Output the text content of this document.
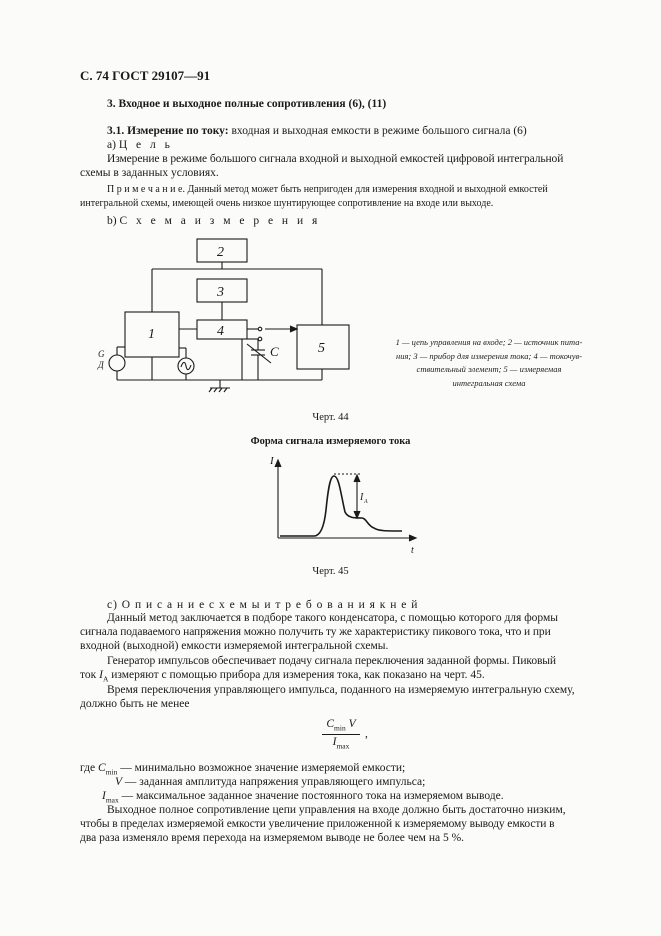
С. 74 ГОСТ 29107—91
3. Входное и выходное полные сопротивления (6), (11)
3.1. Измерение по току: входная и выходная емкости в режиме большого сигнала (6)
а) Ц е л ь
Измерение в режиме большого сигнала входной и выходной емкостей цифровой интегральной
схемы в заданных условиях.
П р и м е ч а н и е. Данный метод может быть непригоден для измерения входной и выходной емкостей
интегральной схемы, имеющей очень низкое шунтирующее сопротивление на входе или выходе.
b) С х е м а и з м е р е н и я
2
3
1	4
5
C
G
Д
1 — цепь управления на входе; 2 — источник пита-
ния; 3 — прибор для измерения тока; 4 — токочув-
ствительный элемент; 5 — измеряемая
интегральная схема
Черт. 44
Форма сигнала измеряемого тока
I
t
I A
Черт. 45
с) О п и с а н и е с х е м ы и т р е б о в а н и я к н е й
Данный метод заключается в подборе такого конденсатора, с помощью которого для формы
сигнала подаваемого напряжения можно получить ту же характеристику пикового тока, что и при
входной (выходной) емкости измеряемой интегральной схемы.
Генератор импульсов обеспечивает подачу сигнала переключения заданной формы. Пиковый
ток $I_A$ измеряют с помощью прибора для измерения тока, как показано на черт. 45.
Время переключения управляющего импульса, поданного на измеряемую интегральную схему,
должно быть не менее
$C_{min}$ V
$I_{max}$
,
где $C_{min}$ — минимально возможное значение измеряемой емкости;
V — заданная амплитуда напряжения управляющего импульса;
$I_{max}$ — максимальное заданное значение постоянного тока на измеряемом выводе.
Выходное полное сопротивление цепи управления на входе должно быть достаточно низким,
чтобы в пределах измеряемой емкости увеличение приложенной к измеряемому выводу емкости в
два раза изменяло время перехода на измеряемом выводе не более чем на 5 %.
